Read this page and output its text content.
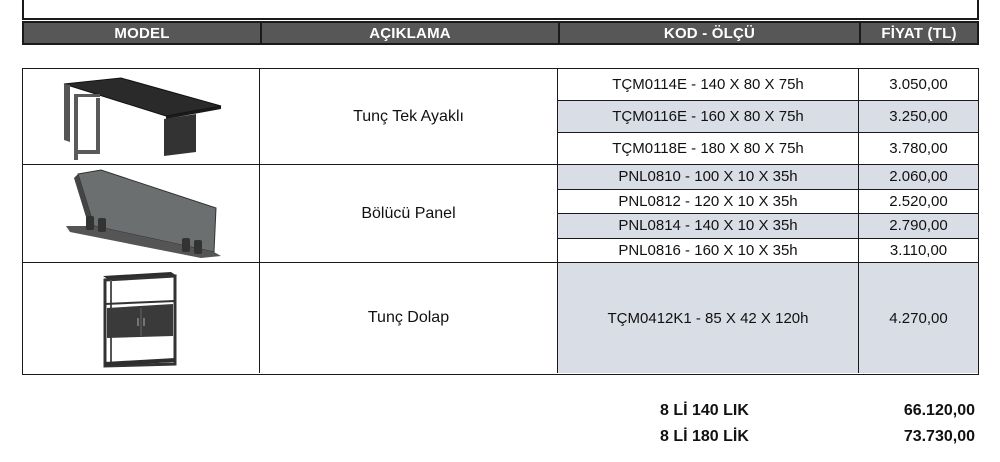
MODEL	AÇIKLAMA	KOD - ÖLÇÜ	FİYAT (TL)
Tunç Tek Ayaklı
TÇM0114E - 140 X 80 X 75h	3.050,00
TÇM0116E - 160 X 80 X 75h	3.250,00
TÇM0118E - 180 X 80 X 75h	3.780,00
Bölücü Panel
PNL0810 - 100 X 10 X 35h	2.060,00
PNL0812 - 120 X 10 X 35h	2.520,00
PNL0814 - 140 X 10 X 35h	2.790,00
PNL0816 - 160 X 10 X 35h	3.110,00
Tunç Dolap	TÇM0412K1 - 85 X 42 X 120h	4.270,00
8 Lİ 140 LIK	66.120,00
8 Lİ 180 LİK	73.730,00
